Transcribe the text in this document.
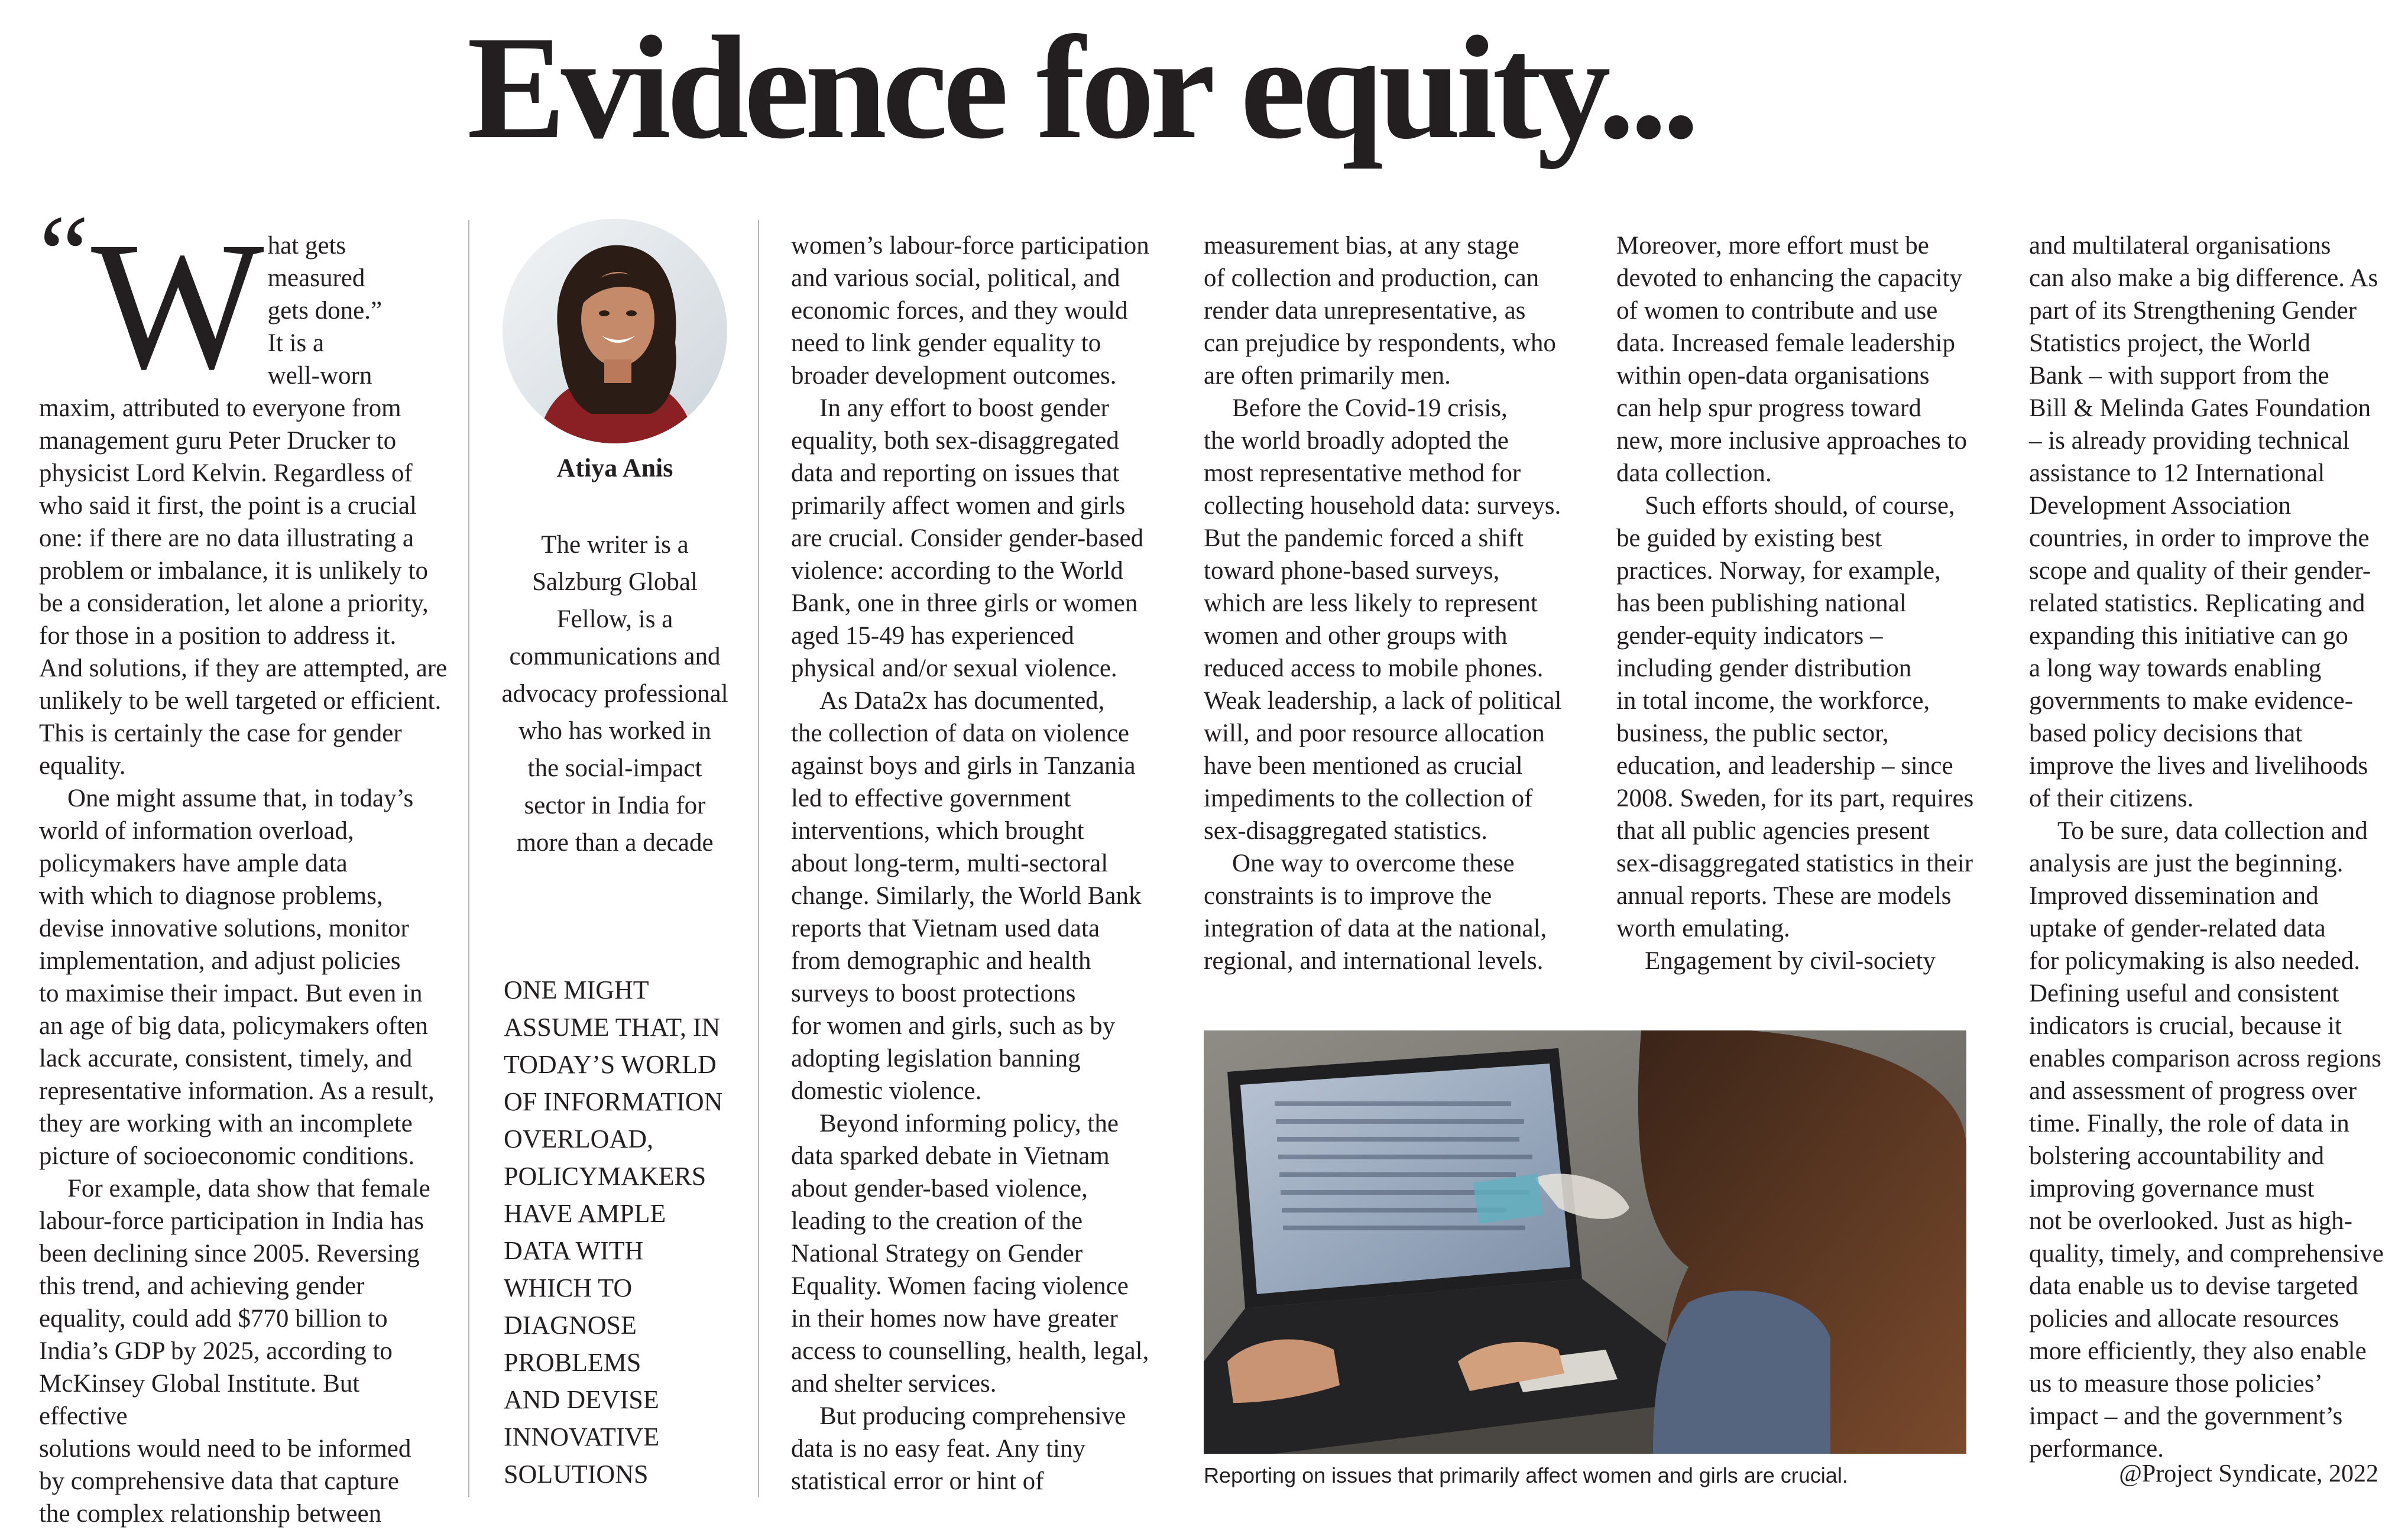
Evidence for equity...
“ W hat gets
measured
gets done.”
It is a
well-worn
maxim, attributed to everyone from
management guru Peter Drucker to
physicist Lord Kelvin. Regardless of
who said it first, the point is a crucial
one: if there are no data illustrating a
problem or imbalance, it is unlikely to
be a consideration, let alone a priority,
for those in a position to address it.
And solutions, if they are attempted, are
unlikely to be well targeted or efficient.
This is certainly the case for gender
equality.

One might assume that, in today’s
world of information overload,
policymakers have ample data
with which to diagnose problems,
devise innovative solutions, monitor
implementation, and adjust policies
to maximise their impact. But even in
an age of big data, policymakers often
lack accurate, consistent, timely, and
representative information. As a result,
they are working with an incomplete
picture of socioeconomic conditions.

For example, data show that female
labour-force participation in India has
been declining since 2005. Reversing
this trend, and achieving gender
equality, could add $770 billion to
India’s GDP by 2025, according to
McKinsey Global Institute. But effective
solutions would need to be informed
by comprehensive data that capture
the complex relationship between

Atiya Anis
The writer is a
Salzburg Global
Fellow, is a
communications and
advocacy professional
who has worked in
the social-impact
sector in India for
more than a decade
ONE MIGHT
ASSUME THAT, IN
TODAY’S WORLD
OF INFORMATION
OVERLOAD,
POLICYMAKERS
HAVE AMPLE
DATA WITH
WHICH TO
DIAGNOSE
PROBLEMS
AND DEVISE
INNOVATIVE
SOLUTIONS

women’s labour-force participation
and various social, political, and
economic forces, and they would
need to link gender equality to
broader development outcomes.

In any effort to boost gender
equality, both sex-disaggregated
data and reporting on issues that
primarily affect women and girls
are crucial. Consider gender-based
violence: according to the World
Bank, one in three girls or women
aged 15-49 has experienced
physical and/or sexual violence.

As Data2x has documented,
the collection of data on violence
against boys and girls in Tanzania
led to effective government
interventions, which brought
about long-term, multi-sectoral
change. Similarly, the World Bank
reports that Vietnam used data
from demographic and health
surveys to boost protections
for women and girls, such as by
adopting legislation banning
domestic violence.

Beyond informing policy, the
data sparked debate in Vietnam
about gender-based violence,
leading to the creation of the
National Strategy on Gender
Equality. Women facing violence
in their homes now have greater
access to counselling, health, legal,
and shelter services.

But producing comprehensive
data is no easy feat. Any tiny
statistical error or hint of

measurement bias, at any stage
of collection and production, can
render data unrepresentative, as
can prejudice by respondents, who
are often primarily men.

Before the Covid-19 crisis,
the world broadly adopted the
most representative method for
collecting household data: surveys.
But the pandemic forced a shift
toward phone-based surveys,
which are less likely to represent
women and other groups with
reduced access to mobile phones.
Weak leadership, a lack of political
will, and poor resource allocation
have been mentioned as crucial
impediments to the collection of
sex-disaggregated statistics.

One way to overcome these
constraints is to improve the
integration of data at the national,
regional, and international levels.

Moreover, more effort must be
devoted to enhancing the capacity
of women to contribute and use
data. Increased female leadership
within open-data organisations
can help spur progress toward
new, more inclusive approaches to
data collection.

Such efforts should, of course,
be guided by existing best
practices. Norway, for example,
has been publishing national
gender-equity indicators –
including gender distribution
in total income, the workforce,
business, the public sector,
education, and leadership – since
2008. Sweden, for its part, requires
that all public agencies present
sex-disaggregated statistics in their
annual reports. These are models
worth emulating.

Engagement by civil-society

and multilateral organisations
can also make a big difference. As
part of its Strengthening Gender
Statistics project, the World
Bank – with support from the
Bill & Melinda Gates Foundation
– is already providing technical
assistance to 12 International
Development Association
countries, in order to improve the
scope and quality of their gender-
related statistics. Replicating and
expanding this initiative can go
a long way towards enabling
governments to make evidence-
based policy decisions that
improve the lives and livelihoods
of their citizens.

To be sure, data collection and
analysis are just the beginning.
Improved dissemination and
uptake of gender-related data
for policymaking is also needed.
Defining useful and consistent
indicators is crucial, because it
enables comparison across regions
and assessment of progress over
time. Finally, the role of data in
bolstering accountability and
improving governance must
not be overlooked. Just as high-
quality, timely, and comprehensive
data enable us to devise targeted
policies and allocate resources
more efficiently, they also enable
us to measure those policies’
impact – and the government’s
performance.

Reporting on issues that primarily affect women and girls are crucial.	@Project Syndicate, 2022
